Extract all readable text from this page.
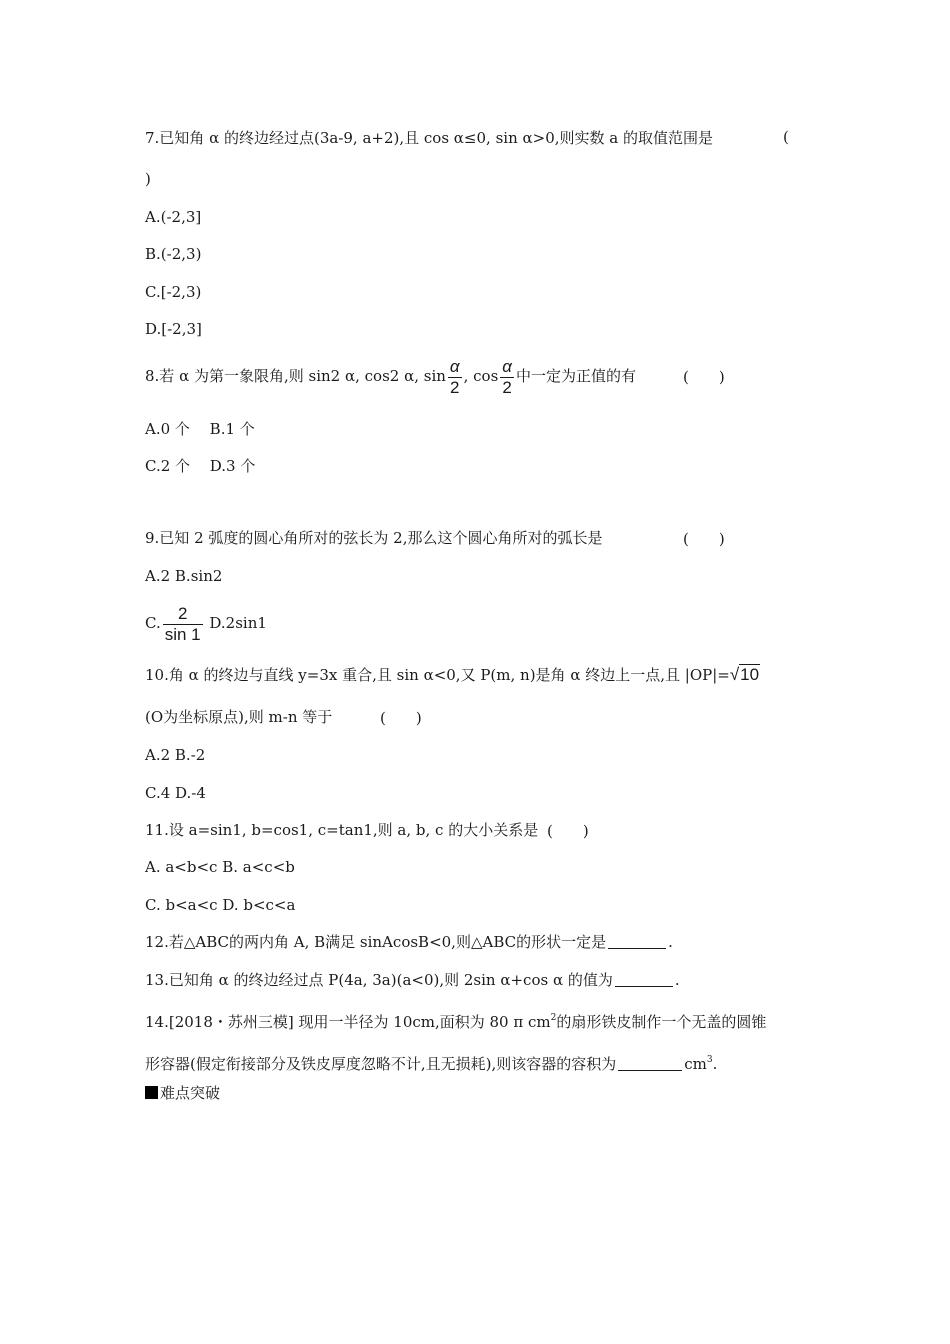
7.已知角 α 的终边经过点(3a-9, a+2),且 cos α≤0, sin α>0,则实数 a 的取值范围是	(
)
A.(-2,3]
B.(-2,3)
C.[-2,3)
D.[-2,3]
8.若 α 为第一象限角,则 sin2 α, cos2 α, $\sin \frac{\alpha}{2}$ , $\cos \frac{\alpha}{2}$ 中一定为正值的有	(　　)
A.0 个　 B.1 个
C.2 个　 D.3 个
9.已知 2 弧度的圆心角所对的弦长为 2,那么这个圆心角所对的弧长是	(　　)
A.2 B.sin2
C. $\frac{2}{\sin 1} D.2\sin 1$
10.角 α 的终边与直线 y=3x 重合,且 sin α<0,又 P(m, n)是角 α 终边上一点,且 |OP|=√10
(O为坐标原点),则 m-n 等于	(　　)
A.2 B.-2
C.4 D.-4
11.设 a=sin1, b=cos1, c=tan1,则 a, b, c 的大小关系是 (　　)
A. a<b<c B. a<c<b
C. b<a<c D. b<c<a
12.若△ABC的两内角 A, B满足 sinAcosB<0,则△ABC的形状一定是	.
13.已知角 α 的终边经过点 P(4a, 3a)(a<0),则 2sin α+cos α 的值为	.
14.[2018・苏州三模] 现用一半径为 10cm,面积为 80 π $cm^2$的扇形铁皮制作一个无盖的圆锥
形容器(假定衔接部分及铁皮厚度忽略不计,且无损耗),则该容器的容积为	$cm^3$.
难点突破
